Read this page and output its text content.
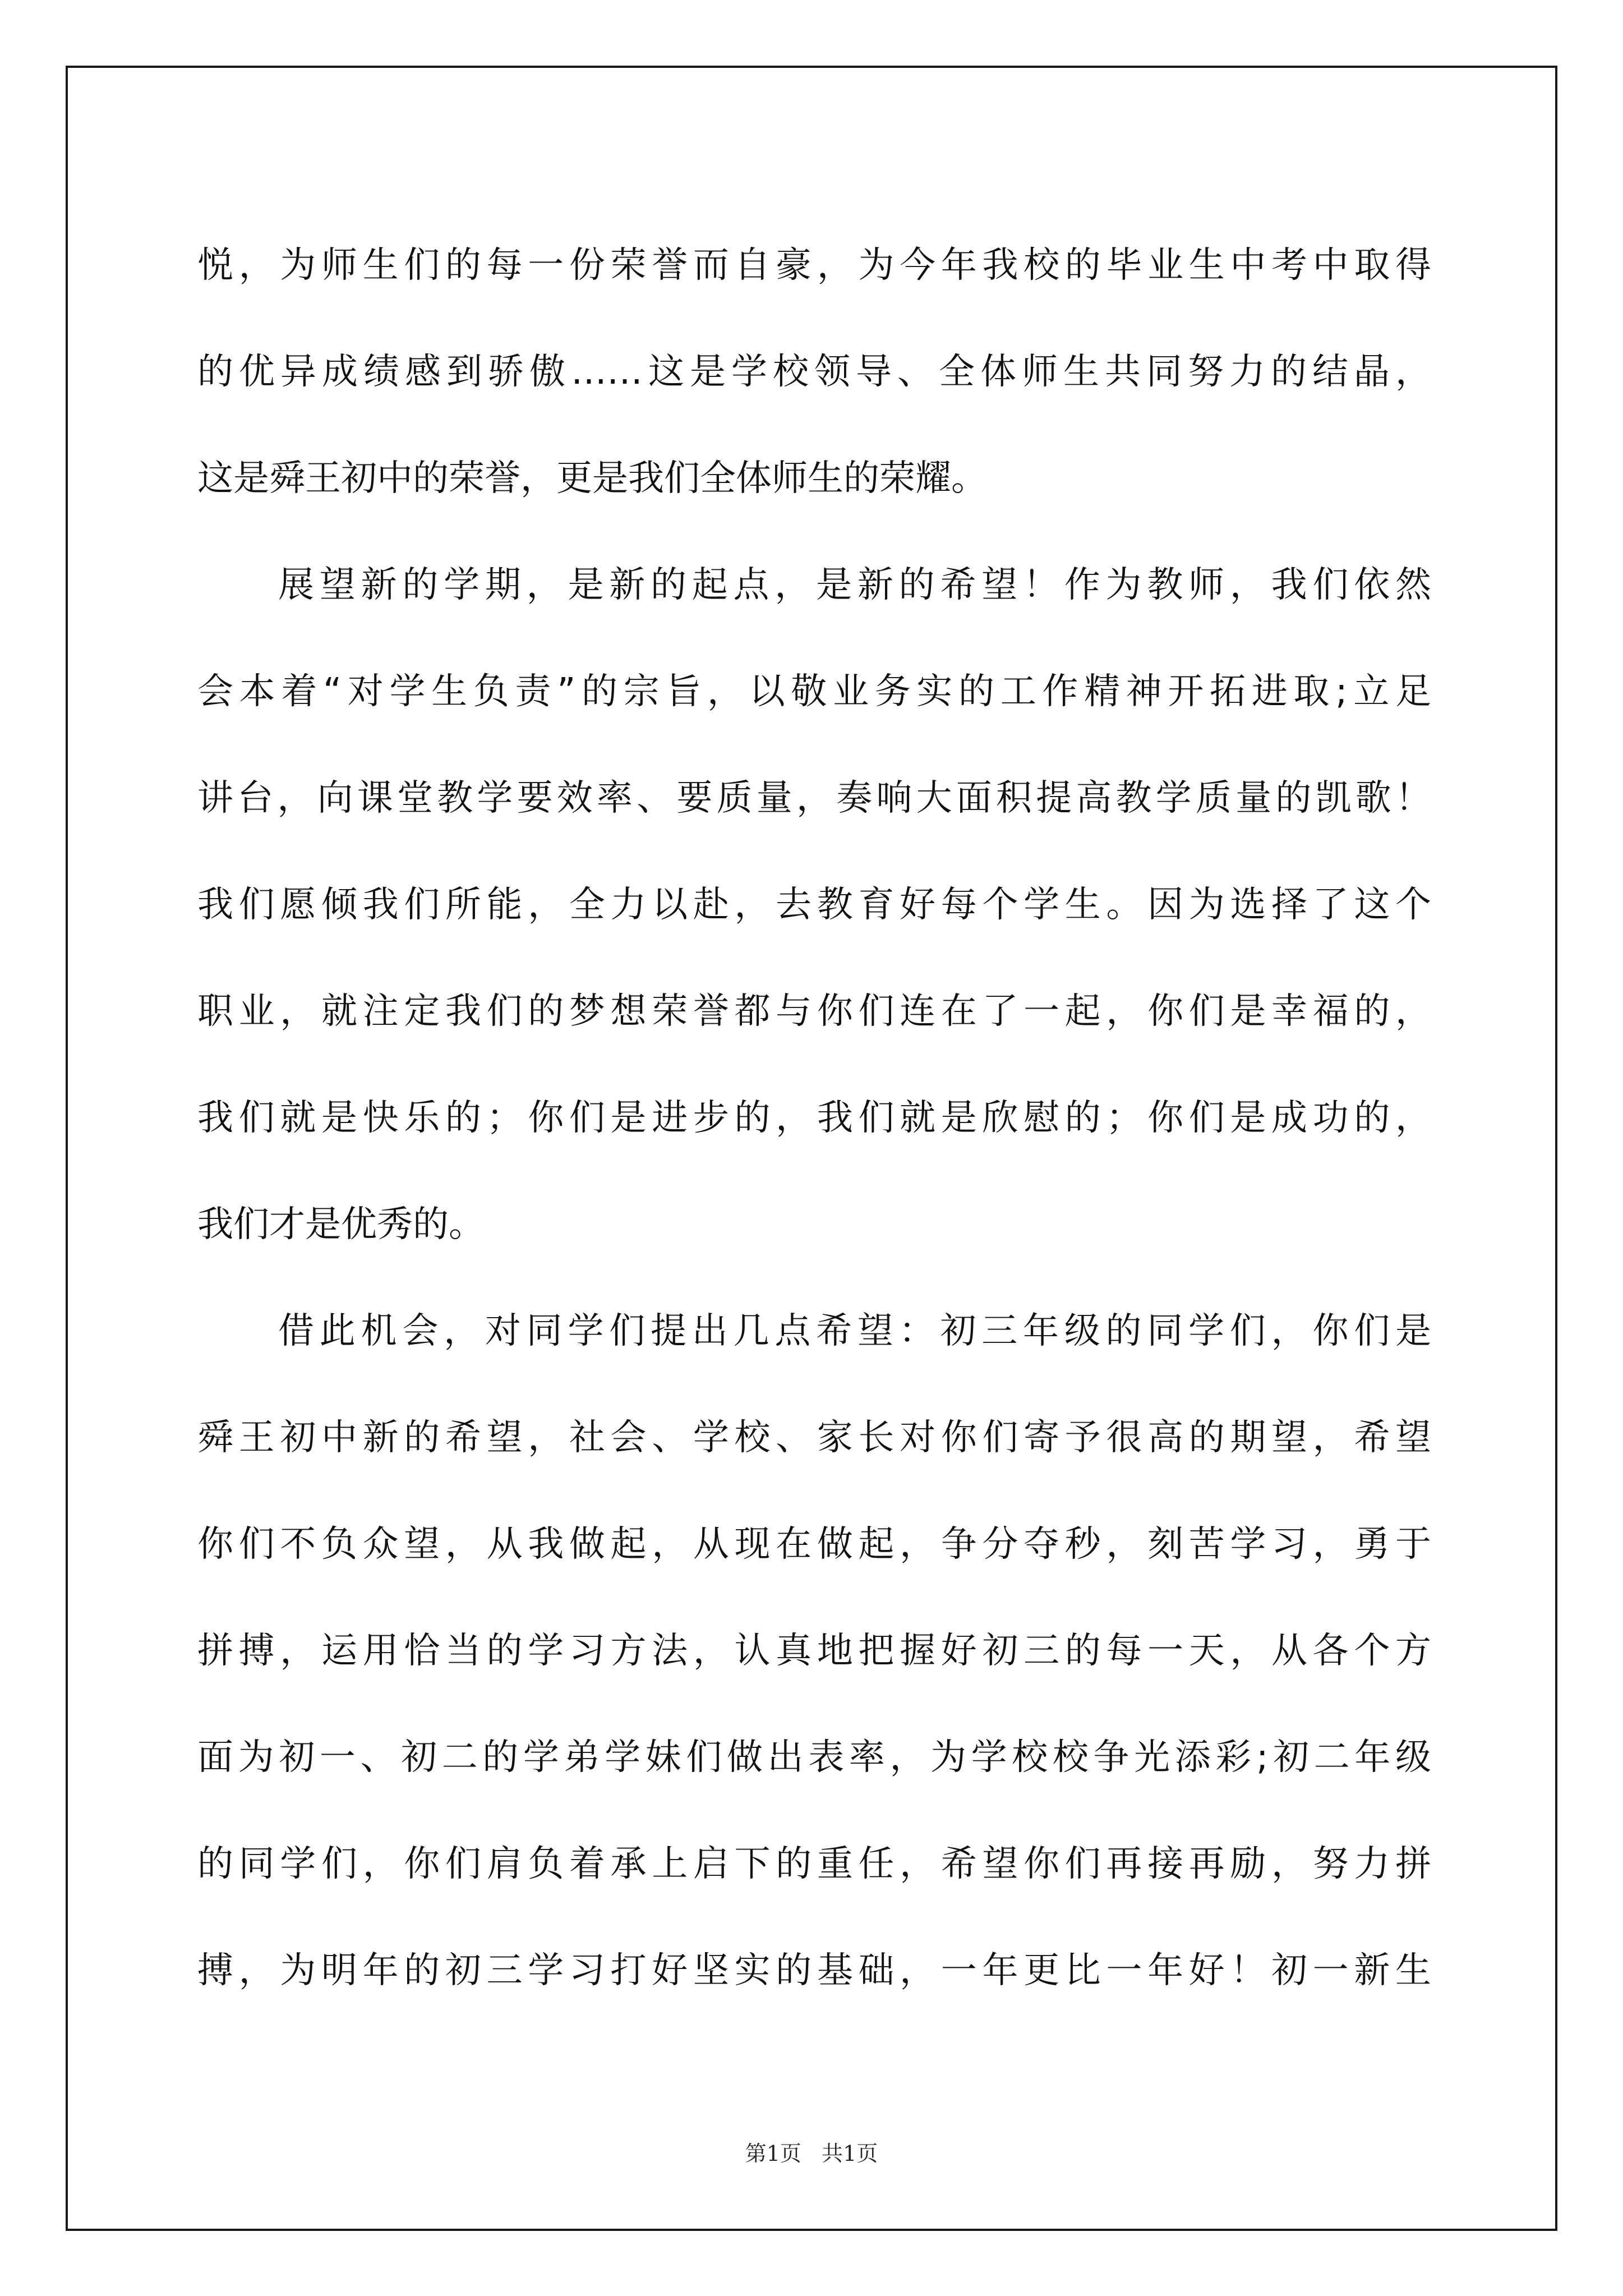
悦，为师生们的每一份荣誉而自豪，为今年我校的毕业生中考中取得
的优异成绩感到骄傲……这是学校领导、全体师生共同努力的结晶，
这是舜王初中的荣誉，更是我们全体师生的荣耀。
展望新的学期，是新的起点，是新的希望！作为教师，我们依然
会本着“对学生负责”的宗旨，以敬业务实的工作精神开拓进取;立足
讲台，向课堂教学要效率、要质量，奏响大面积提高教学质量的凯歌！
我们愿倾我们所能，全力以赴，去教育好每个学生。因为选择了这个
职业，就注定我们的梦想荣誉都与你们连在了一起，你们是幸福的，
我们就是快乐的；你们是进步的，我们就是欣慰的；你们是成功的，
我们才是优秀的。
借此机会，对同学们提出几点希望：初三年级的同学们，你们是
舜王初中新的希望，社会、学校、家长对你们寄予很高的期望，希望
你们不负众望，从我做起，从现在做起，争分夺秒，刻苦学习，勇于
拼搏，运用恰当的学习方法，认真地把握好初三的每一天，从各个方
面为初一、初二的学弟学妹们做出表率，为学校校争光添彩;初二年级
的同学们，你们肩负着承上启下的重任，希望你们再接再励，努力拼
搏，为明年的初三学习打好坚实的基础，一年更比一年好！初一新生
第1页   共1页
